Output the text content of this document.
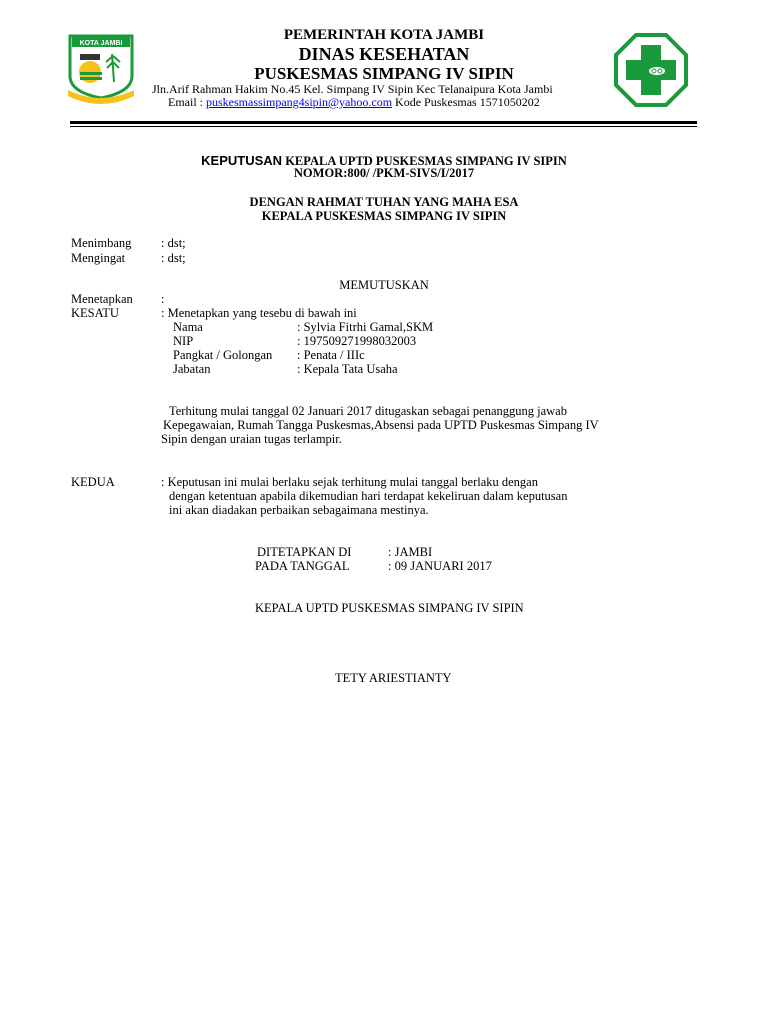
KOTA JAMBI
PEMERINTAH KOTA JAMBI
DINAS KESEHATAN
PUSKESMAS SIMPANG IV SIPIN
Jln.Arif Rahman Hakim No.45 Kel. Simpang IV Sipin Kec Telanaipura Kota Jambi
Email : puskesmassimpang4sipin@yahoo.com Kode Puskesmas 1571050202
KEPUTUSAN KEPALA UPTD PUSKESMAS SIMPANG IV SIPIN
NOMOR:800/ /PKM-SIVS/I/2017
DENGAN RAHMAT TUHAN YANG MAHA ESA
KEPALA PUSKESMAS SIMPANG IV SIPIN
Menimbang : dst;
Mengingat	: dst;
MEMUTUSKAN
Menetapkan :
KESATU	: Menetapkan yang tesebu di bawah ini
Nama	: Sylvia Fitrhi Gamal,SKM
NIP	: 197509271998032003
Pangkat / Golongan : Penata / IIIc
Jabatan	: Kepala Tata Usaha
Terhitung mulai tanggal 02 Januari 2017 ditugaskan sebagai penanggung jawab
Kepegawaian, Rumah Tangga Puskesmas,Absensi pada UPTD Puskesmas Simpang IV
Sipin dengan uraian tugas terlampir.
KEDUA	: Keputusan ini mulai berlaku sejak terhitung mulai tanggal berlaku dengan
dengan ketentuan apabila dikemudian hari terdapat kekeliruan dalam keputusan
ini akan diadakan perbaikan sebagaimana mestinya.
DITETAPKAN DI	: JAMBI
PADA TANGGAL	: 09 JANUARI 2017
KEPALA UPTD PUSKESMAS SIMPANG IV SIPIN
TETY ARIESTIANTY
